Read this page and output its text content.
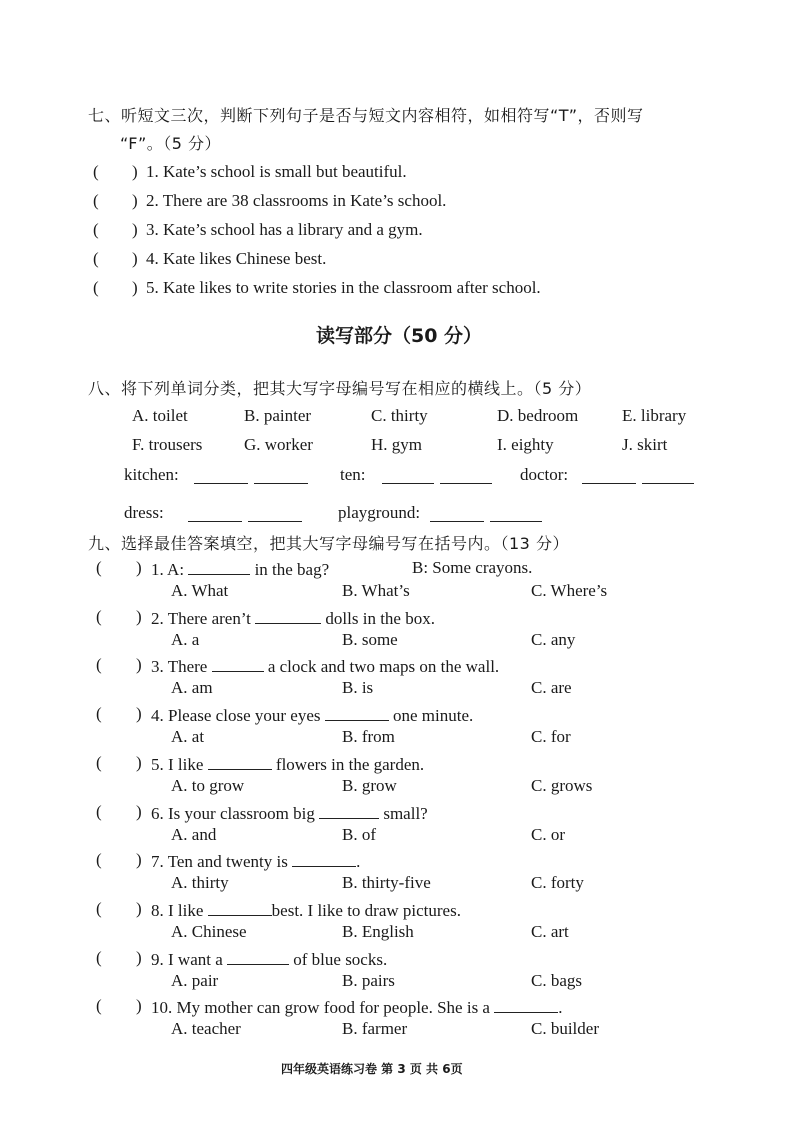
七、听短文三次，判断下列句子是否与短文内容相符，如相符写“T”，否则写
“F”。（5 分）
( ) 1. Kate’s school is small but beautiful.
( ) 2. There are 38 classrooms in Kate’s school.
( ) 3. Kate’s school has a library and a gym.
( ) 4. Kate likes Chinese best.
( ) 5. Kate likes to write stories in the classroom after school.
读写部分（50 分）
八、将下列单词分类，把其大写字母编号写在相应的横线上。（5 分）
A. toilet	B. painter	C. thirty	D. bedroom	E. library
F. trousers G. worker	H. gym	I. eighty	J. skirt
kitchen:	ten:	doctor:
dress:	playground:
九、选择最佳答案填空，把其大写字母编号写在括号内。（13 分）
( ) 1. A:	in the bag?	B: Some crayons.
A. What	B. What’s	C. Where’s
( ) 2. There aren’t	dolls in the box.
A. a	B. some	C. any
( ) 3. There	a clock and two maps on the wall.
A. am	B. is	C. are
( ) 4. Please close your eyes	one minute.
A. at	B. from	C. for
( ) 5. I like	flowers in the garden.
A. to grow	B. grow	C. grows
( ) 6. Is your classroom big	small?
A. and	B. of	C. or
( ) 7. Ten and twenty is	.
A. thirty	B. thirty-five	C. forty
( ) 8. I like	best. I like to draw pictures.
A. Chinese	B. English	C. art
( ) 9. I want a	of blue socks.
A. pair	B. pairs	C. bags
( ) 10. My mother can grow food for people. She is a	.
A. teacher	B. farmer	C. builder
四年级英语练习卷 第 3 页 共 6页
